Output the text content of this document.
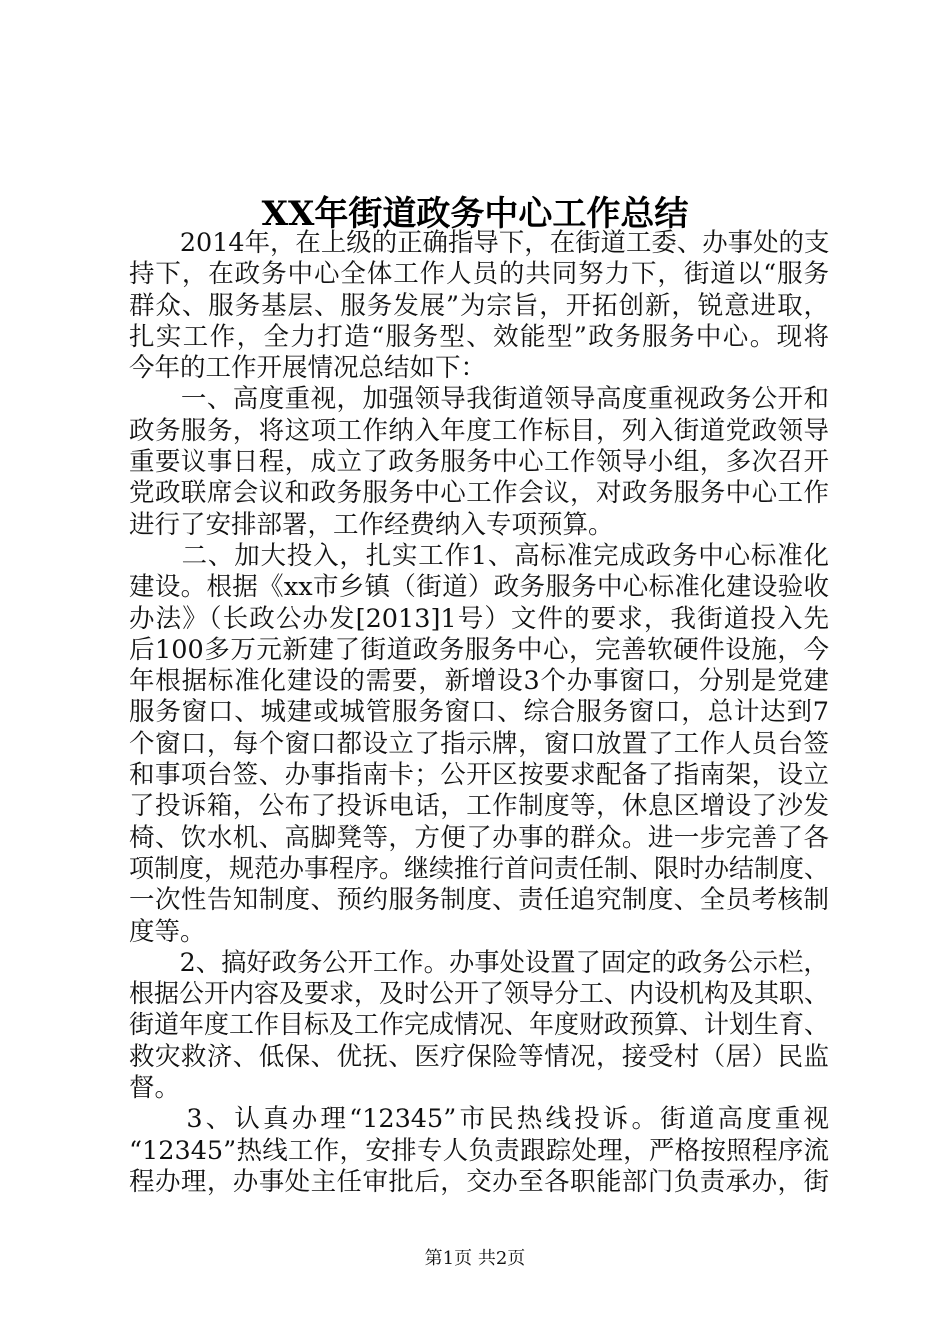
XX年街道政务中心工作总结
　　2014年，在上级的正确指导下，在街道工委、办事处的支
持下，在政务中心全体工作人员的共同努力下，街道以“服务
群众、服务基层、服务发展”为宗旨，开拓创新，锐意进取，
扎实工作，全力打造“服务型、效能型”政务服务中心。现将
今年的工作开展情况总结如下：
　　一、高度重视，加强领导我街道领导高度重视政务公开和
政务服务，将这项工作纳入年度工作标目，列入街道党政领导
重要议事日程，成立了政务服务中心工作领导小组，多次召开
党政联席会议和政务服务中心工作会议，对政务服务中心工作
进行了安排部署，工作经费纳入专项预算。
　　二、加大投入，扎实工作1、高标准完成政务中心标准化
建设。根据《xx市乡镇（街道）政务服务中心标准化建设验收
办法》（长政公办发[2013]1号）文件的要求，我街道投入先
后100多万元新建了街道政务服务中心，完善软硬件设施，今
年根据标准化建设的需要，新增设3个办事窗口，分别是党建
服务窗口、城建或城管服务窗口、综合服务窗口，总计达到7
个窗口，每个窗口都设立了指示牌，窗口放置了工作人员台签
和事项台签、办事指南卡；公开区按要求配备了指南架，设立
了投诉箱，公布了投诉电话，工作制度等，休息区增设了沙发
椅、饮水机、高脚凳等，方便了办事的群众。进一步完善了各
项制度，规范办事程序。继续推行首问责任制、限时办结制度、
一次性告知制度、预约服务制度、责任追究制度、全员考核制
度等。
　　2、搞好政务公开工作。办事处设置了固定的政务公示栏，
根据公开内容及要求，及时公开了领导分工、内设机构及其职、
街道年度工作目标及工作完成情况、年度财政预算、计划生育、
救灾救济、低保、优抚、医疗保险等情况，接受村（居）民监
督。
　　3、认真办理“12345”市民热线投诉。街道高度重视
“12345”热线工作，安排专人负责跟踪处理，严格按照程序流
程办理，办事处主任审批后，交办至各职能部门负责承办，街
第1页 共2页
